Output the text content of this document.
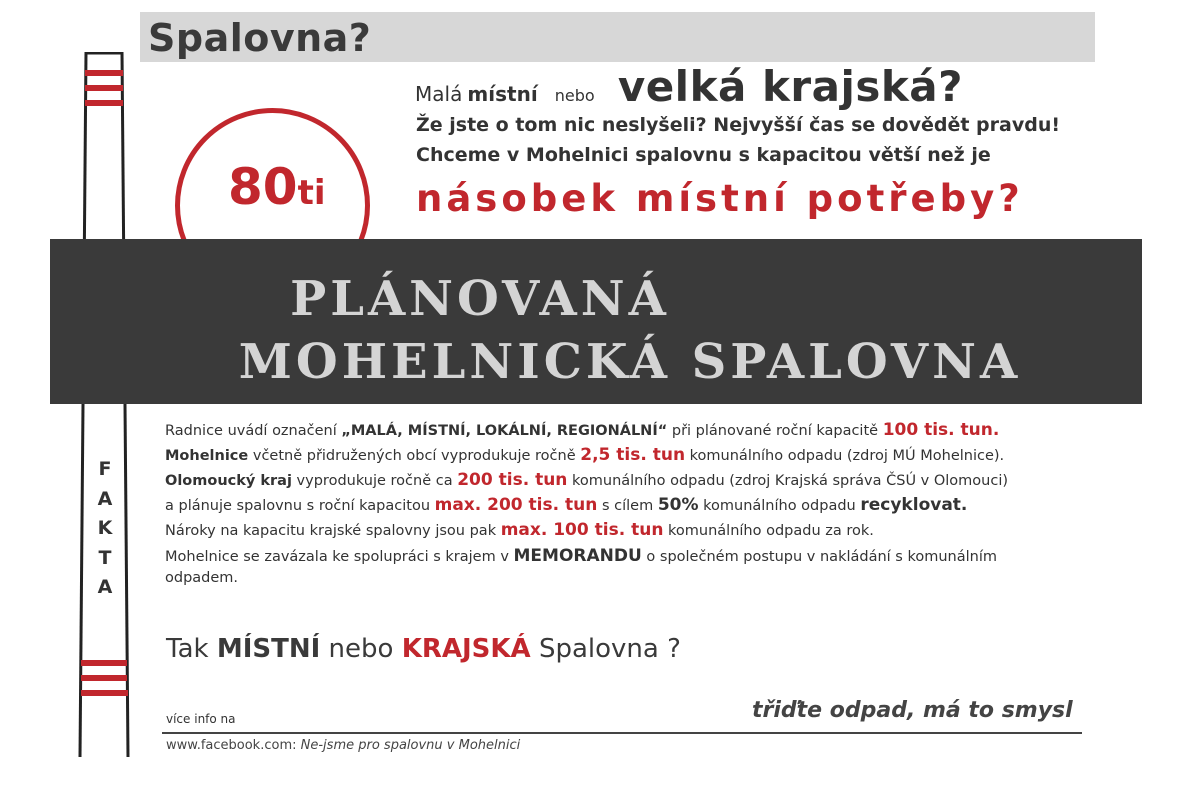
Spalovna?
F
A
K
T
A
80ti
Malá místní nebo velká krajská?
Že jste o tom nic neslyšeli? Nejvyšší čas se dovědět pravdu!
Chceme v Mohelnici spalovnu s kapacitou větší než je
násobek místní potřeby?
PLÁNOVANÁ
MOHELNICKÁ SPALOVNA
Radnice uvádí označení „MALÁ, MÍSTNÍ, LOKÁLNÍ, REGIONÁLNÍ“ při plánované roční kapacitě 100 tis. tun.
Mohelnice včetně přidružených obcí vyprodukuje ročně 2,5 tis. tun komunálního odpadu (zdroj MÚ Mohelnice).
Olomoucký kraj vyprodukuje ročně ca 200 tis. tun komunálního odpadu (zdroj Krajská správa ČSÚ v Olomouci)
a plánuje spalovnu s roční kapacitou max. 200 tis. tun s cílem 50% komunálního odpadu recyklovat.
Nároky na kapacitu krajské spalovny jsou pak max. 100 tis. tun komunálního odpadu za rok.
Mohelnice se zavázala ke spolupráci s krajem v MEMORANDU o společném postupu v nakládání s komunálním odpadem.
Tak MÍSTNÍ nebo KRAJSKÁ Spalovna ?
více info na	třiďte odpad, má to smysl
www.facebook.com: Ne-jsme pro spalovnu v Mohelnici
